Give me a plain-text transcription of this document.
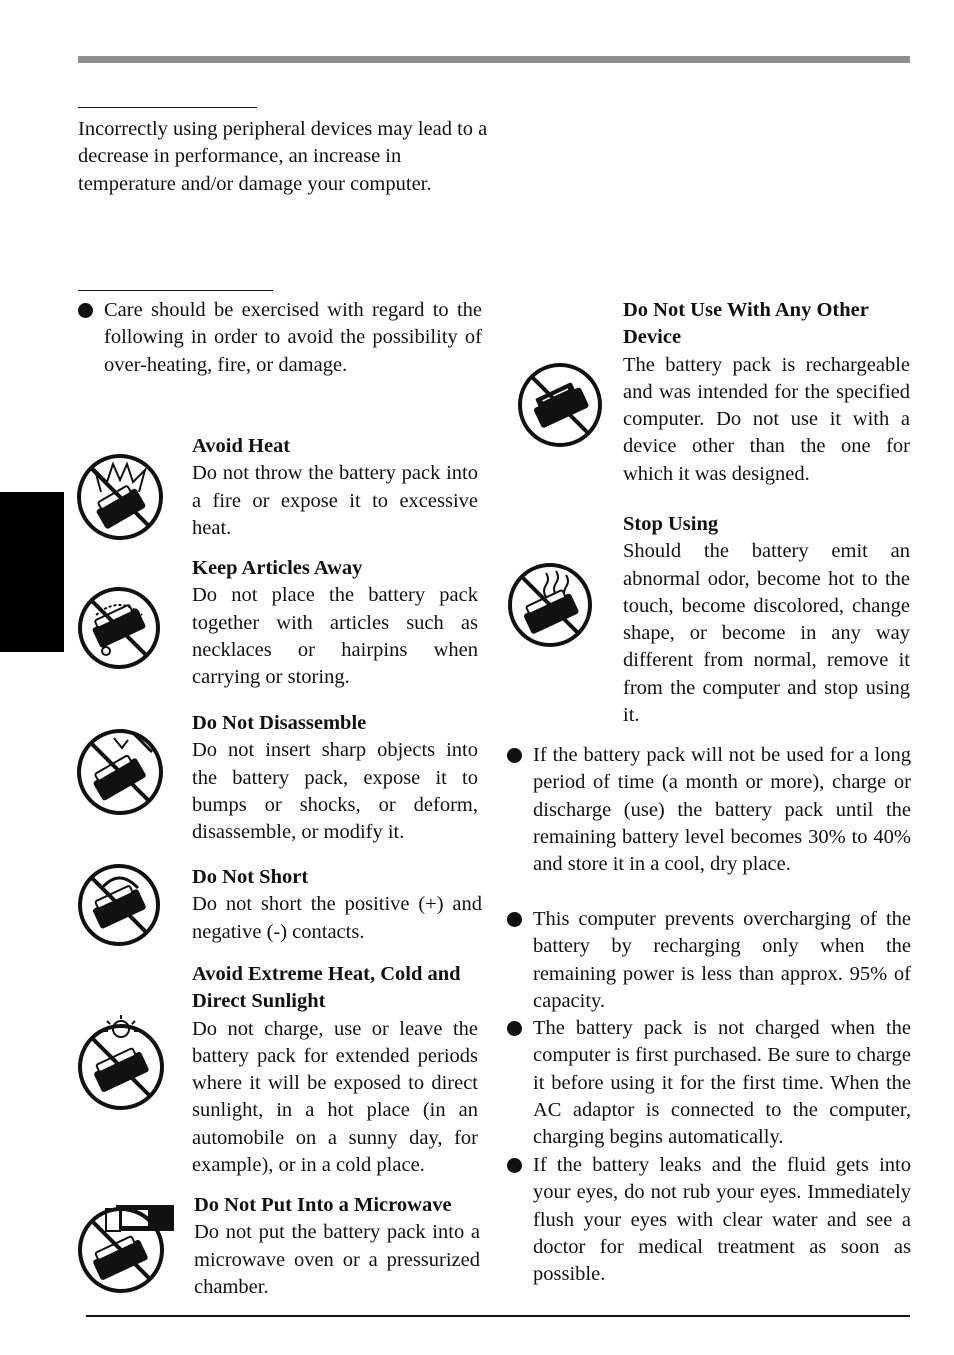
Incorrectly using peripheral devices may lead to a decrease in performance, an increase in temperature and/or damage your computer.
Care should be exercised with regard to the following in order to avoid the possibility of over-heating, fire, or damage.
Avoid Heat
Do not throw the battery pack into a fire or expose it to excessive heat.
Keep Articles Away
Do not place the battery pack together with articles such as necklaces or hairpins when carrying or storing.
Do Not Disassemble
Do not insert sharp objects into the battery pack, expose it to bumps or shocks, or deform, disassemble, or modify it.
Do Not Short
Do not short the positive (+) and negative (-) contacts.
Avoid Extreme Heat, Cold and Direct Sunlight
Do not charge, use or leave the battery pack for extended periods where it will be exposed to direct sunlight, in a hot place (in an automobile on a sunny day, for example), or in a cold place.
Do Not Put Into a Microwave
Do not put the battery pack into a microwave oven or a pressurized chamber.
Do Not Use With Any Other Device
The battery pack is rechargeable and was intended for the specified computer. Do not use it with a device other than the one for which it was designed.
Stop Using
Should the battery emit an abnormal odor, become hot to the touch, become discolored, change shape, or become in any way different from normal, remove it from the computer and stop using it.
If the battery pack will not be used for a long period of time (a month or more), charge or discharge (use) the battery pack until the remaining battery level becomes 30% to 40% and store it in a cool, dry place.
This computer prevents overcharging of the battery by recharging only when the remaining power is less than approx. 95% of capacity.
The battery pack is not charged when the computer is first purchased. Be sure to charge it before using it for the first time. When the AC adaptor is connected to the computer, charging begins automatically.
If the battery leaks and the fluid gets into your eyes, do not rub your eyes. Immediately flush your eyes with clear water and see a doctor for medical treatment as soon as possible.
